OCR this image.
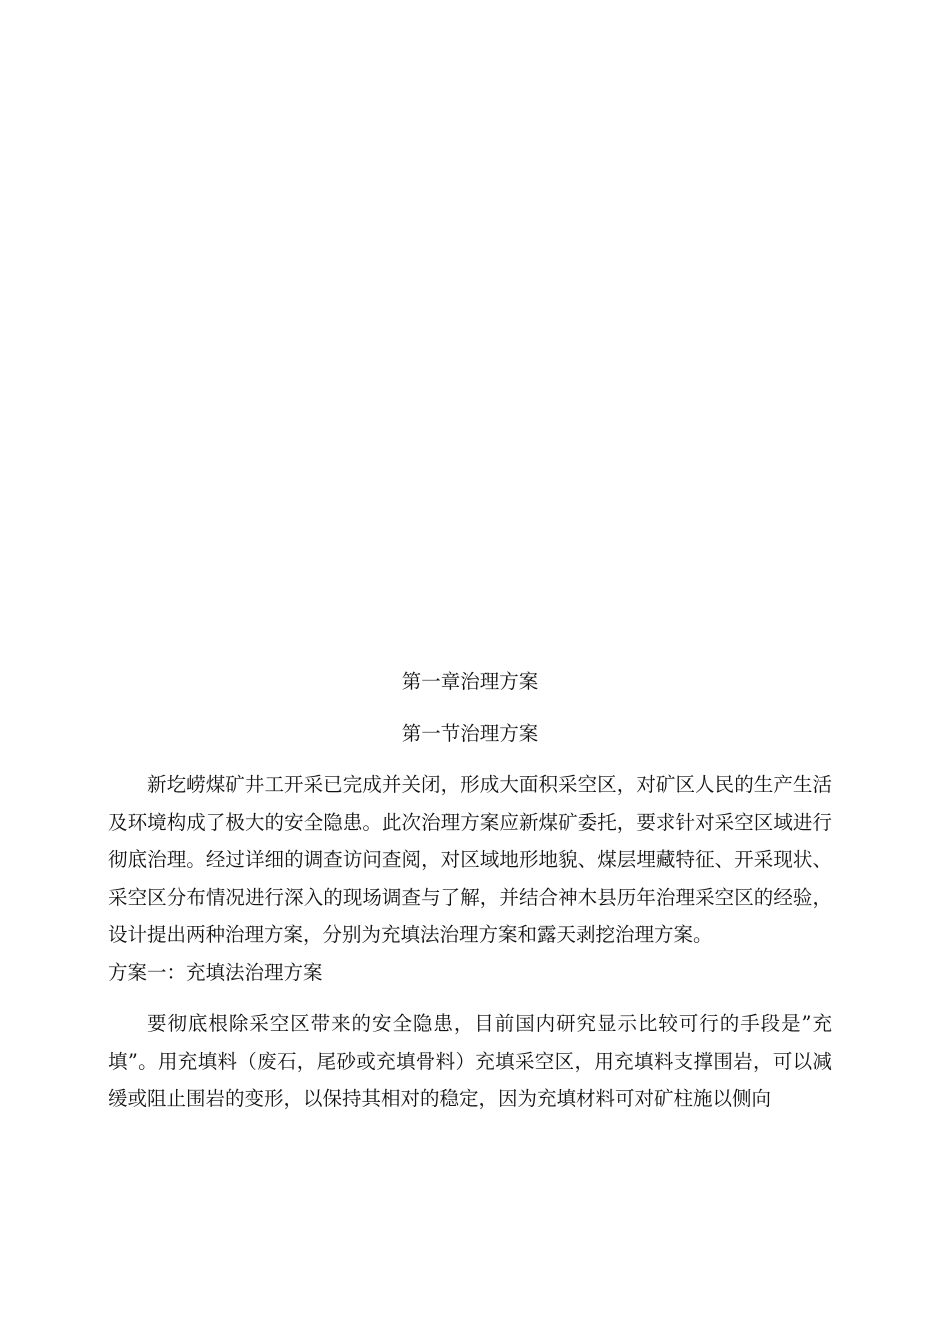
第一章治理方案
第一节治理方案

新圪崂煤矿井工开采已完成并关闭，形成大面积采空区，对矿区人民的生产生活及环境构成了极大的安全隐患。此次治理方案应新煤矿委托，要求针对采空区域进行彻底治理。经过详细的调查访问查阅，对区域地形地貌、煤层埋藏特征、开采现状、采空区分布情况进行深入的现场调查与了解，并结合神木县历年治理采空区的经验，设计提出两种治理方案，分别为充填法治理方案和露天剥挖治理方案。

方案一：充填法治理方案

要彻底根除采空区带来的安全隐患，目前国内研究显示比较可行的手段是”充填”。用充填料（废石，尾砂或充填骨料）充填采空区，用充填料支撑围岩，可以减缓或阻止围岩的变形，以保持其相对的稳定，因为充填材料可对矿柱施以侧向
